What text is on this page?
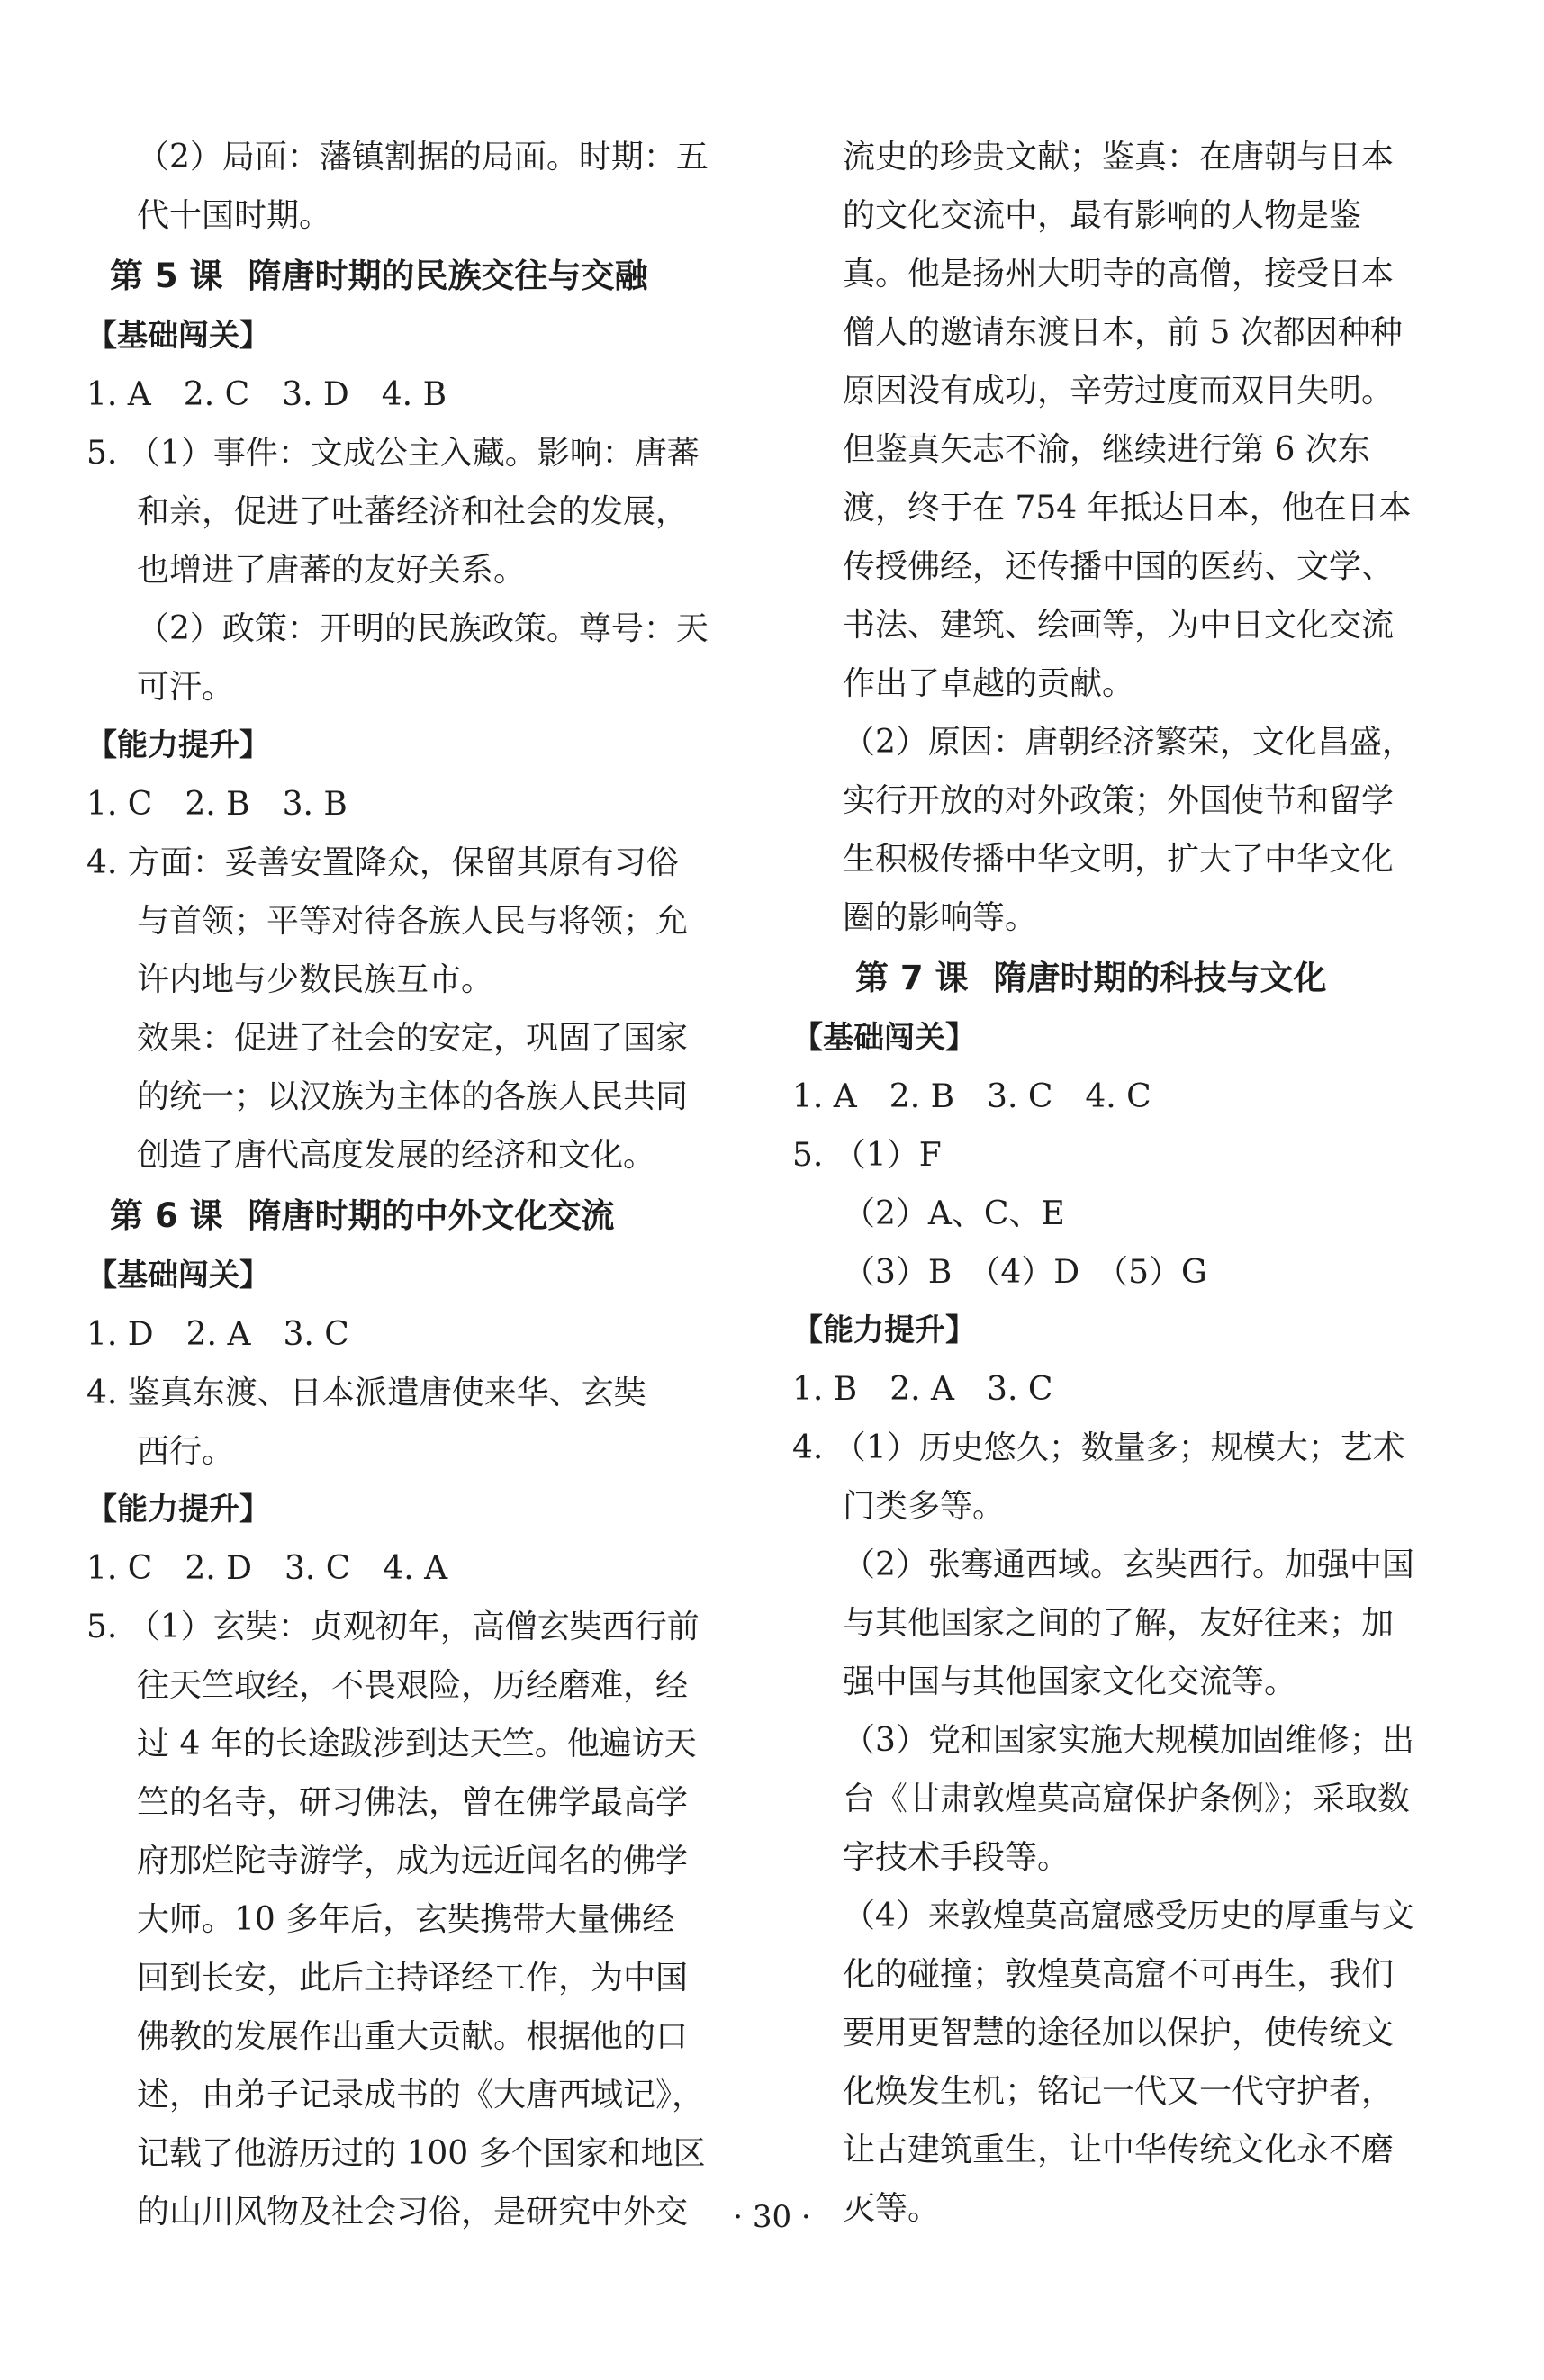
（2）局面：藩镇割据的局面。时期：五
代十国时期。
第 5 课 隋唐时期的民族交往与交融
【基础闯关】
1. A　2. C　3. D　4. B
5. （1）事件：文成公主入藏。影响：唐蕃
和亲，促进了吐蕃经济和社会的发展，
也增进了唐蕃的友好关系。
（2）政策：开明的民族政策。尊号：天
可汗。
【能力提升】
1. C　2. B　3. B
4. 方面：妥善安置降众，保留其原有习俗
与首领；平等对待各族人民与将领；允
许内地与少数民族互市。
效果：促进了社会的安定，巩固了国家
的统一；以汉族为主体的各族人民共同
创造了唐代高度发展的经济和文化。
第 6 课 隋唐时期的中外文化交流
【基础闯关】
1. D　2. A　3. C
4. 鉴真东渡、日本派遣唐使来华、玄奘
西行。
【能力提升】
1. C　2. D　3. C　4. A
5. （1）玄奘：贞观初年，高僧玄奘西行前
往天竺取经，不畏艰险，历经磨难，经
过 4 年的长途跋涉到达天竺。他遍访天
竺的名寺，研习佛法，曾在佛学最高学
府那烂陀寺游学，成为远近闻名的佛学
大师。10 多年后，玄奘携带大量佛经
回到长安，此后主持译经工作，为中国
佛教的发展作出重大贡献。根据他的口
述，由弟子记录成书的《大唐西域记》，
记载了他游历过的 100 多个国家和地区
的山川风物及社会习俗，是研究中外交
流史的珍贵文献；鉴真：在唐朝与日本
的文化交流中，最有影响的人物是鉴
真。他是扬州大明寺的高僧，接受日本
僧人的邀请东渡日本，前 5 次都因种种
原因没有成功，辛劳过度而双目失明。
但鉴真矢志不渝，继续进行第 6 次东
渡，终于在 754 年抵达日本，他在日本
传授佛经，还传播中国的医药、文学、
书法、建筑、绘画等，为中日文化交流
作出了卓越的贡献。
（2）原因：唐朝经济繁荣，文化昌盛，
实行开放的对外政策；外国使节和留学
生积极传播中华文明，扩大了中华文化
圈的影响等。
第 7 课 隋唐时期的科技与文化
【基础闯关】
1. A　2. B　3. C　4. C
5. （1）F
（2）A、C、E
（3）B　（4）D　（5）G
【能力提升】
1. B　2. A　3. C
4. （1）历史悠久；数量多；规模大；艺术
门类多等。
（2）张骞通西域。玄奘西行。加强中国
与其他国家之间的了解，友好往来；加
强中国与其他国家文化交流等。
（3）党和国家实施大规模加固维修；出
台《甘肃敦煌莫高窟保护条例》；采取数
字技术手段等。
（4）来敦煌莫高窟感受历史的厚重与文
化的碰撞；敦煌莫高窟不可再生，我们
要用更智慧的途径加以保护，使传统文
化焕发生机；铭记一代又一代守护者，
让古建筑重生，让中华传统文化永不磨
灭等。
· 30 ·
